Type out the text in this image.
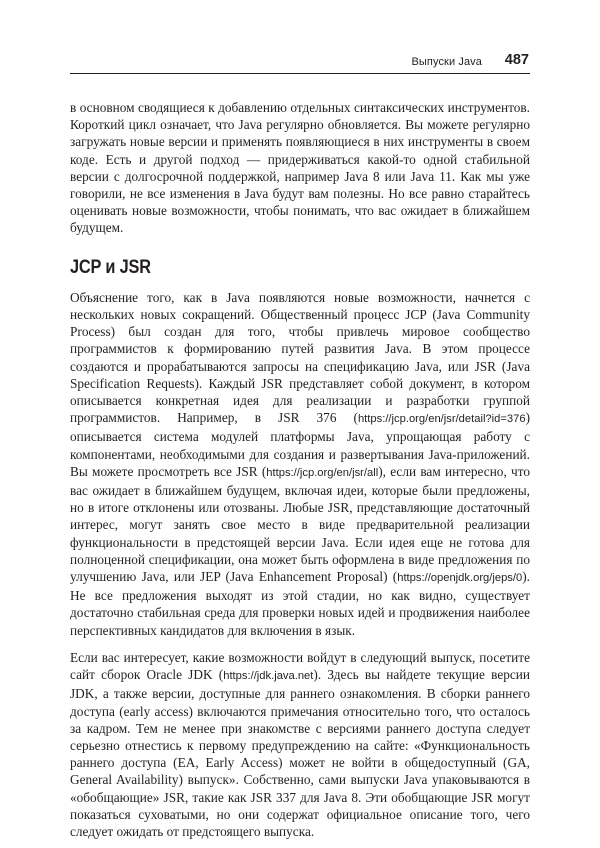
Выпуски Java 487

в основном сводящиеся к добавлению отдельных синтаксических инструментов. Короткий цикл означает, что Java регулярно обновляется. Вы можете регулярно загружать новые версии и применять появляющиеся в них инструменты в своем коде. Есть и другой подход — придерживаться какой-то одной стабильной версии с долгосрочной поддержкой, например Java 8 или Java 11. Как мы уже говорили, не все изменения в Java будут вам полезны. Но все равно старайтесь оценивать новые возможности, чтобы понимать, что вас ожидает в ближайшем будущем.

JCP и JSR

Объяснение того, как в Java появляются новые возможности, начнется с нескольких новых сокращений. Общественный процесс JCP (Java Community Process) был создан для того, чтобы привлечь мировое сообщество программистов к формированию путей развития Java. В этом процессе создаются и прорабатываются запросы на спецификацию Java, или JSR (Java Specification Requests). Каждый JSR представляет собой документ, в котором описывается конкретная идея для реализации и разработки группой программистов. Например, в JSR 376 (https://jcp.org/en/jsr/detail?id=376) описывается система модулей платформы Java, упрощающая работу с компонентами, необходимыми для создания и развертывания Java-приложений. Вы можете просмотреть все JSR (https://jcp.org/en/jsr/all), если вам интересно, что вас ожидает в ближайшем будущем, включая идеи, которые были предложены, но в итоге отклонены или отозваны. Любые JSR, представляющие достаточный интерес, могут занять свое место в виде предварительной реализации функциональности в предстоящей версии Java. Если идея еще не готова для полноценной спецификации, она может быть оформлена в виде предложения по улучшению Java, или JEP (Java Enhancement Proposal) (https://openjdk.org/jeps/0). Не все предложения выходят из этой стадии, но как видно, существует достаточно стабильная среда для проверки новых идей и продвижения наиболее перспективных кандидатов для включения в язык.

Если вас интересует, какие возможности войдут в следующий выпуск, посетите сайт сборок Oracle JDK (https://jdk.java.net). Здесь вы найдете текущие версии JDK, а также версии, доступные для раннего ознакомления. В сборки раннего доступа (early access) включаются примечания относительно того, что осталось за кадром. Тем не менее при знакомстве с версиями раннего доступа следует серьезно отнестись к первому предупреждению на сайте: «Функциональность раннего доступа (EA, Early Access) может не войти в общедоступный (GA, General Availability) выпуск». Собственно, сами выпуски Java упаковываются в «обобщающие» JSR, такие как JSR 337 для Java 8. Эти обобщающие JSR могут показаться суховатыми, но они содержат официальное описание того, чего следует ожидать от предстоящего выпуска.
